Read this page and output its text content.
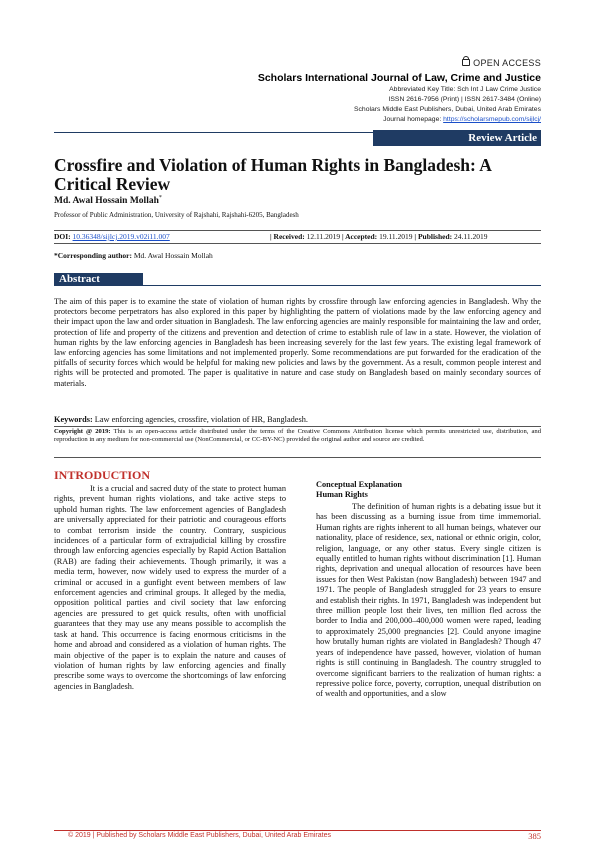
OPEN ACCESS
Scholars International Journal of Law, Crime and Justice
Abbreviated Key Title: Sch Int J Law Crime Justice
ISSN 2616-7956 (Print) | ISSN 2617-3484 (Online)
Scholars Middle East Publishers, Dubai, United Arab Emirates
Journal homepage: https://scholarsmepub.com/sijlcj/
Review Article
Crossfire and Violation of Human Rights in Bangladesh: A Critical Review
Md. Awal Hossain Mollah*
Professor of Public Administration, University of Rajshahi, Rajshahi-6205, Bangladesh
DOI: 10.36348/sijlcj.2019.v02i11.007	| Received: 12.11.2019 | Accepted: 19.11.2019 | Published: 24.11.2019
*Corresponding author: Md. Awal Hossain Mollah
Abstract
The aim of this paper is to examine the state of violation of human rights by crossfire through law enforcing agencies in Bangladesh. Why the protectors become perpetrators has also explored in this paper by highlighting the pattern of violations made by the law enforcing agency and their impact upon the law and order situation in Bangladesh. The law enforcing agencies are mainly responsible for maintaining the law and order, protection of life and property of the citizens and prevention and detection of crime to establish rule of law in a state. However, the violation of human rights by the law enforcing agencies in Bangladesh has been increasing severely for the last few years. The existing legal framework of law enforcing agencies has some limitations and not implemented properly. Some recommendations are put forwarded for the eradication of the pitfalls of security forces which would be helpful for making new policies and laws by the government. As a result, common people interest and rights will be protected and promoted. The paper is qualitative in nature and case study on Bangladesh based on mainly secondary sources of materials.
Keywords: Law enforcing agencies, crossfire, violation of HR, Bangladesh.
Copyright @ 2019: This is an open-access article distributed under the terms of the Creative Commons Attribution license which permits unrestricted use, distribution, and reproduction in any medium for non-commercial use (NonCommercial, or CC-BY-NC) provided the original author and source are credited.
INTRODUCTION
It is a crucial and sacred duty of the state to protect human rights, prevent human rights violations, and take active steps to uphold human rights. The law enforcement agencies of Bangladesh are universally appreciated for their patriotic and courageous efforts to combat terrorism inside the country. Contrary, suspicious incidences of a particular form of extrajudicial killing by crossfire through law enforcing agencies especially by Rapid Action Battalion (RAB) are fading their achievements. Though primarily, it was a media term, however, now widely used to express the murder of a criminal or accused in a gunfight event between members of law enforcement agencies and criminal groups. It alleged by the media, opposition political parties and civil society that law enforcing agencies are pressured to get quick results, often with unofficial guarantees that they may use any means possible to accomplish the task at hand. This occurrence is facing enormous criticisms in the home and abroad and considered as a violation of human rights. The main objective of the paper is to explain the nature and causes of violation of human rights by law enforcing agencies and finally prescribe some ways to overcome the shortcomings of law enforcing agencies in Bangladesh.
Conceptual Explanation
Human Rights
The definition of human rights is a debating issue but it has been discussing as a burning issue from time immemorial. Human rights are rights inherent to all human beings, whatever our nationality, place of residence, sex, national or ethnic origin, color, religion, language, or any other status. Every single citizen is equally entitled to human rights without discrimination [1]. Human rights, deprivation and unequal allocation of resources have been issues for then West Pakistan (now Bangladesh) between 1947 and 1971. The people of Bangladesh struggled for 23 years to ensure and establish their rights. In 1971, Bangladesh was independent but three million people lost their lives, ten million fled across the border to India and 200,000–400,000 women were raped, leading to approximately 25,000 pregnancies [2]. Could anyone imagine how brutally human rights are violated in Bangladesh? Though 47 years of independence have passed, however, violation of human rights is still continuing in Bangladesh. The country struggled to overcome significant barriers to the realization of human rights: a repressive police force, poverty, corruption, unequal distribution on of wealth and opportunities, and a slow
© 2019 | Published by Scholars Middle East Publishers, Dubai, United Arab Emirates	385
